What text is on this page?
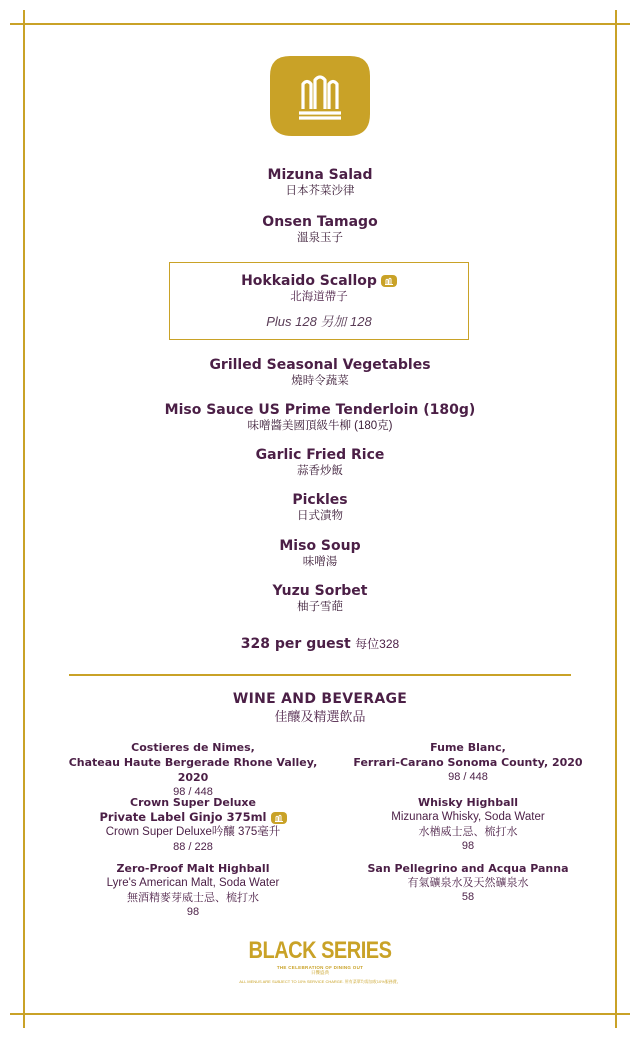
Mizuna Salad
日本芥菜沙律
Onsen Tamago
溫泉玉子
Hokkaido Scallop
北海道帶子
Plus 128 另加 128
Grilled Seasonal Vegetables
燒時令蔬菜
Miso Sauce US Prime Tenderloin (180g)
味噌醬美國頂級牛柳 (180克)
Garlic Fried Rice
蒜香炒飯
Pickles
日式漬物
Miso Soup
味噌湯
Yuzu Sorbet
柚子雪葩
328 per guest 每位328
WINE AND BEVERAGE
佳釀及精選飲品
Costieres de Nimes,
Chateau Haute Bergerade Rhone Valley, 2020
98 / 448
Crown Super Deluxe
Private Label Ginjo 375ml
Crown Super Deluxe吟釀 375毫升
88 / 228
Zero-Proof Malt Highball
Lyre's American Malt, Soda Water
無酒精麥芽威士忌、梳打水
98
Fume Blanc,
Ferrari-Carano Sonoma County, 2020
98 / 448
Whisky Highball
Mizunara Whisky, Soda Water
水楢威士忌、梳打水
98
San Pellegrino and Acqua Panna
有氣礦泉水及天然礦泉水
58
BLACK SERIES
THE CELEBRATION OF DINING OUT
日饗盛典
ALL MENUS ARE SUBJECT TO 10% SERVICE CHARGE. 所有菜單均需加收10%服務費。
